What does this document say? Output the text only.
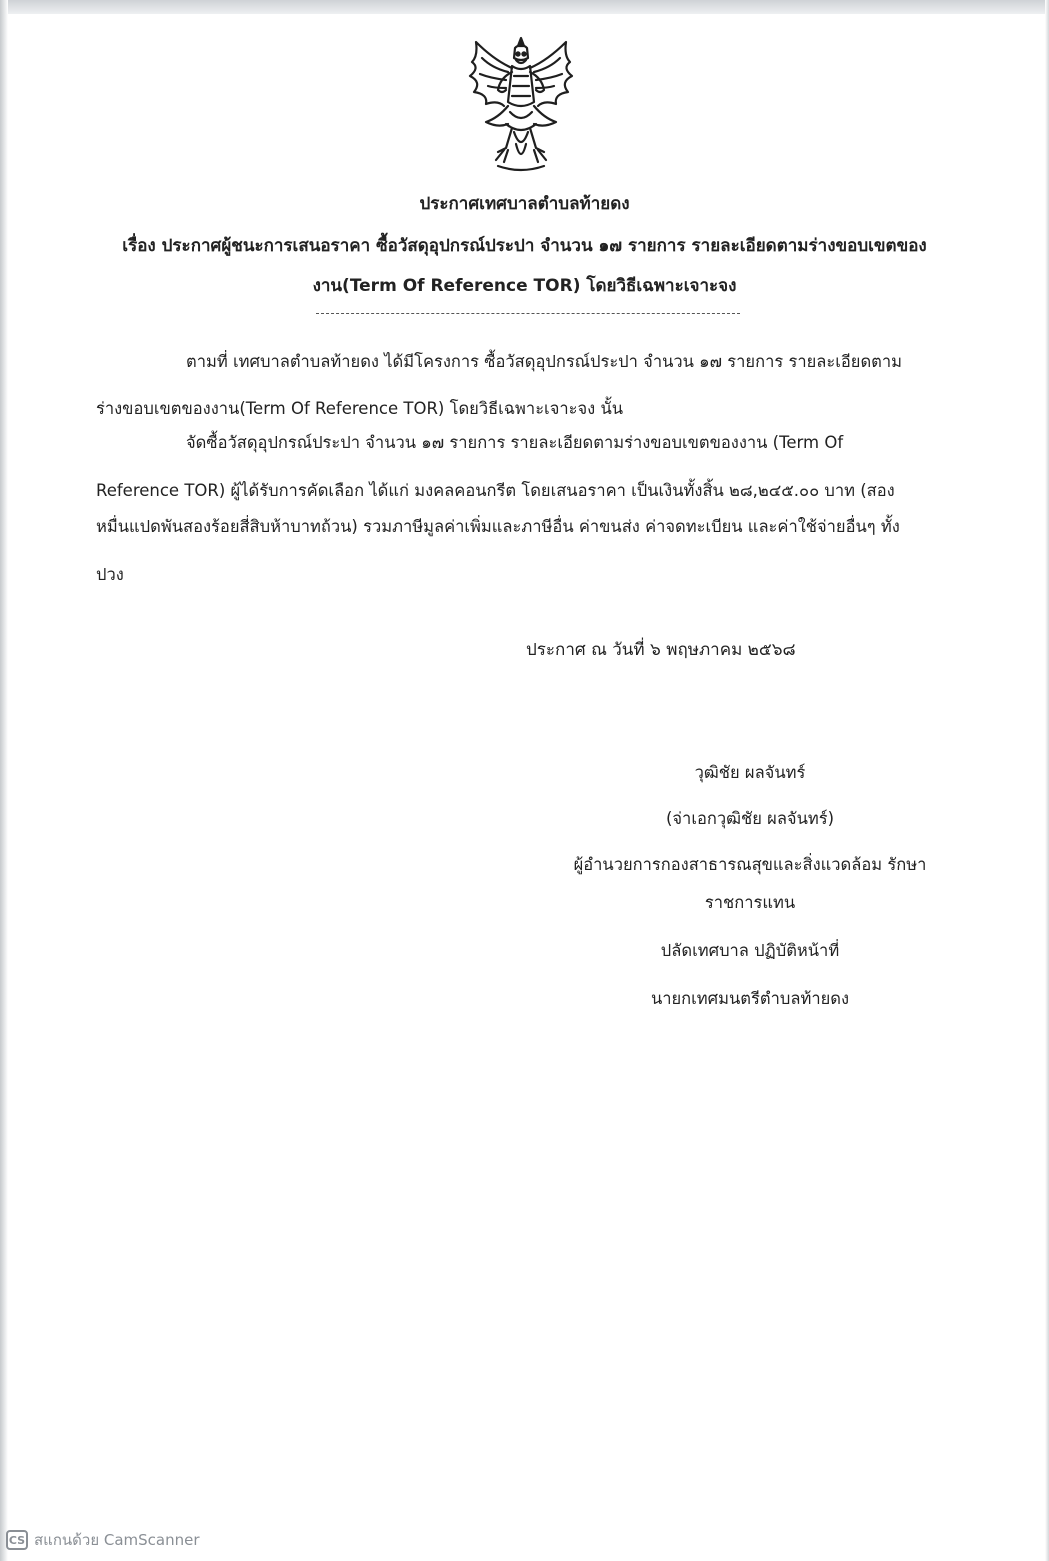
ประกาศเทศบาลตำบลท้ายดง
เรื่อง ประกาศผู้ชนะการเสนอราคา ซื้อวัสดุอุปกรณ์ประปา จำนวน ๑๗ รายการ รายละเอียดตามร่างขอบเขตของ
งาน(Term Of Reference TOR) โดยวิธีเฉพาะเจาะจง
ตามที่ เทศบาลตำบลท้ายดง ได้มีโครงการ ซื้อวัสดุอุปกรณ์ประปา จำนวน ๑๗ รายการ รายละเอียดตาม
ร่างขอบเขตของงาน(Term Of Reference TOR) โดยวิธีเฉพาะเจาะจง นั้น
จัดซื้อวัสดุอุปกรณ์ประปา จำนวน ๑๗ รายการ รายละเอียดตามร่างขอบเขตของงาน (Term Of
Reference TOR) ผู้ได้รับการคัดเลือก ได้แก่ มงคลคอนกรีต โดยเสนอราคา เป็นเงินทั้งสิ้น ๒๘,๒๔๕.๐๐ บาท (สอง
หมื่นแปดพันสองร้อยสี่สิบห้าบาทถ้วน) รวมภาษีมูลค่าเพิ่มและภาษีอื่น ค่าขนส่ง ค่าจดทะเบียน และค่าใช้จ่ายอื่นๆ ทั้ง
ปวง
ประกาศ ณ วันที่ ๖ พฤษภาคม ๒๕๖๘
วุฒิชัย ผลจันทร์
(จ่าเอกวุฒิชัย ผลจันทร์)
ผู้อำนวยการกองสาธารณสุขและสิ่งแวดล้อม รักษา
ราชการแทน
ปลัดเทศบาล ปฏิบัติหน้าที่
นายกเทศมนตรีตำบลท้ายดง
CS สแกนด้วย CamScanner
